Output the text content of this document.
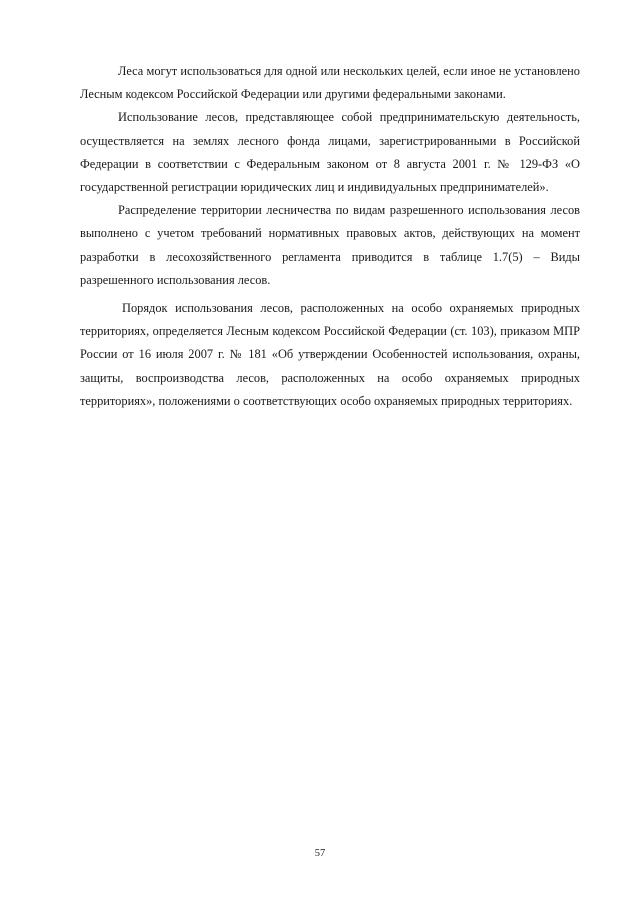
Леса могут использоваться для одной или нескольких целей, если иное не установлено Лесным кодексом Российской Федерации или другими федеральными законами.

Использование лесов, представляющее собой предпринимательскую деятельность, осуществляется на землях лесного фонда лицами, зарегистрированными в Российской Федерации в соответствии с Федеральным законом от 8 августа 2001 г. № 129-ФЗ «О государственной регистрации юридических лиц и индивидуальных предпринимателей».

Распределение территории лесничества по видам разрешенного использования лесов выполнено с учетом требований нормативных правовых актов, действующих на момент разработки в лесохозяйственного регламента приводится в таблице 1.7(5) – Виды разрешенного использования лесов.

Порядок использования лесов, расположенных на особо охраняемых природных территориях, определяется Лесным кодексом Российской Федерации (ст. 103), приказом МПР России от 16 июля 2007 г. № 181 «Об утверждении Особенностей использования, охраны, защиты, воспроизводства лесов, расположенных на особо охраняемых природных территориях», положениями о соответствующих особо охраняемых природных территориях.

57
